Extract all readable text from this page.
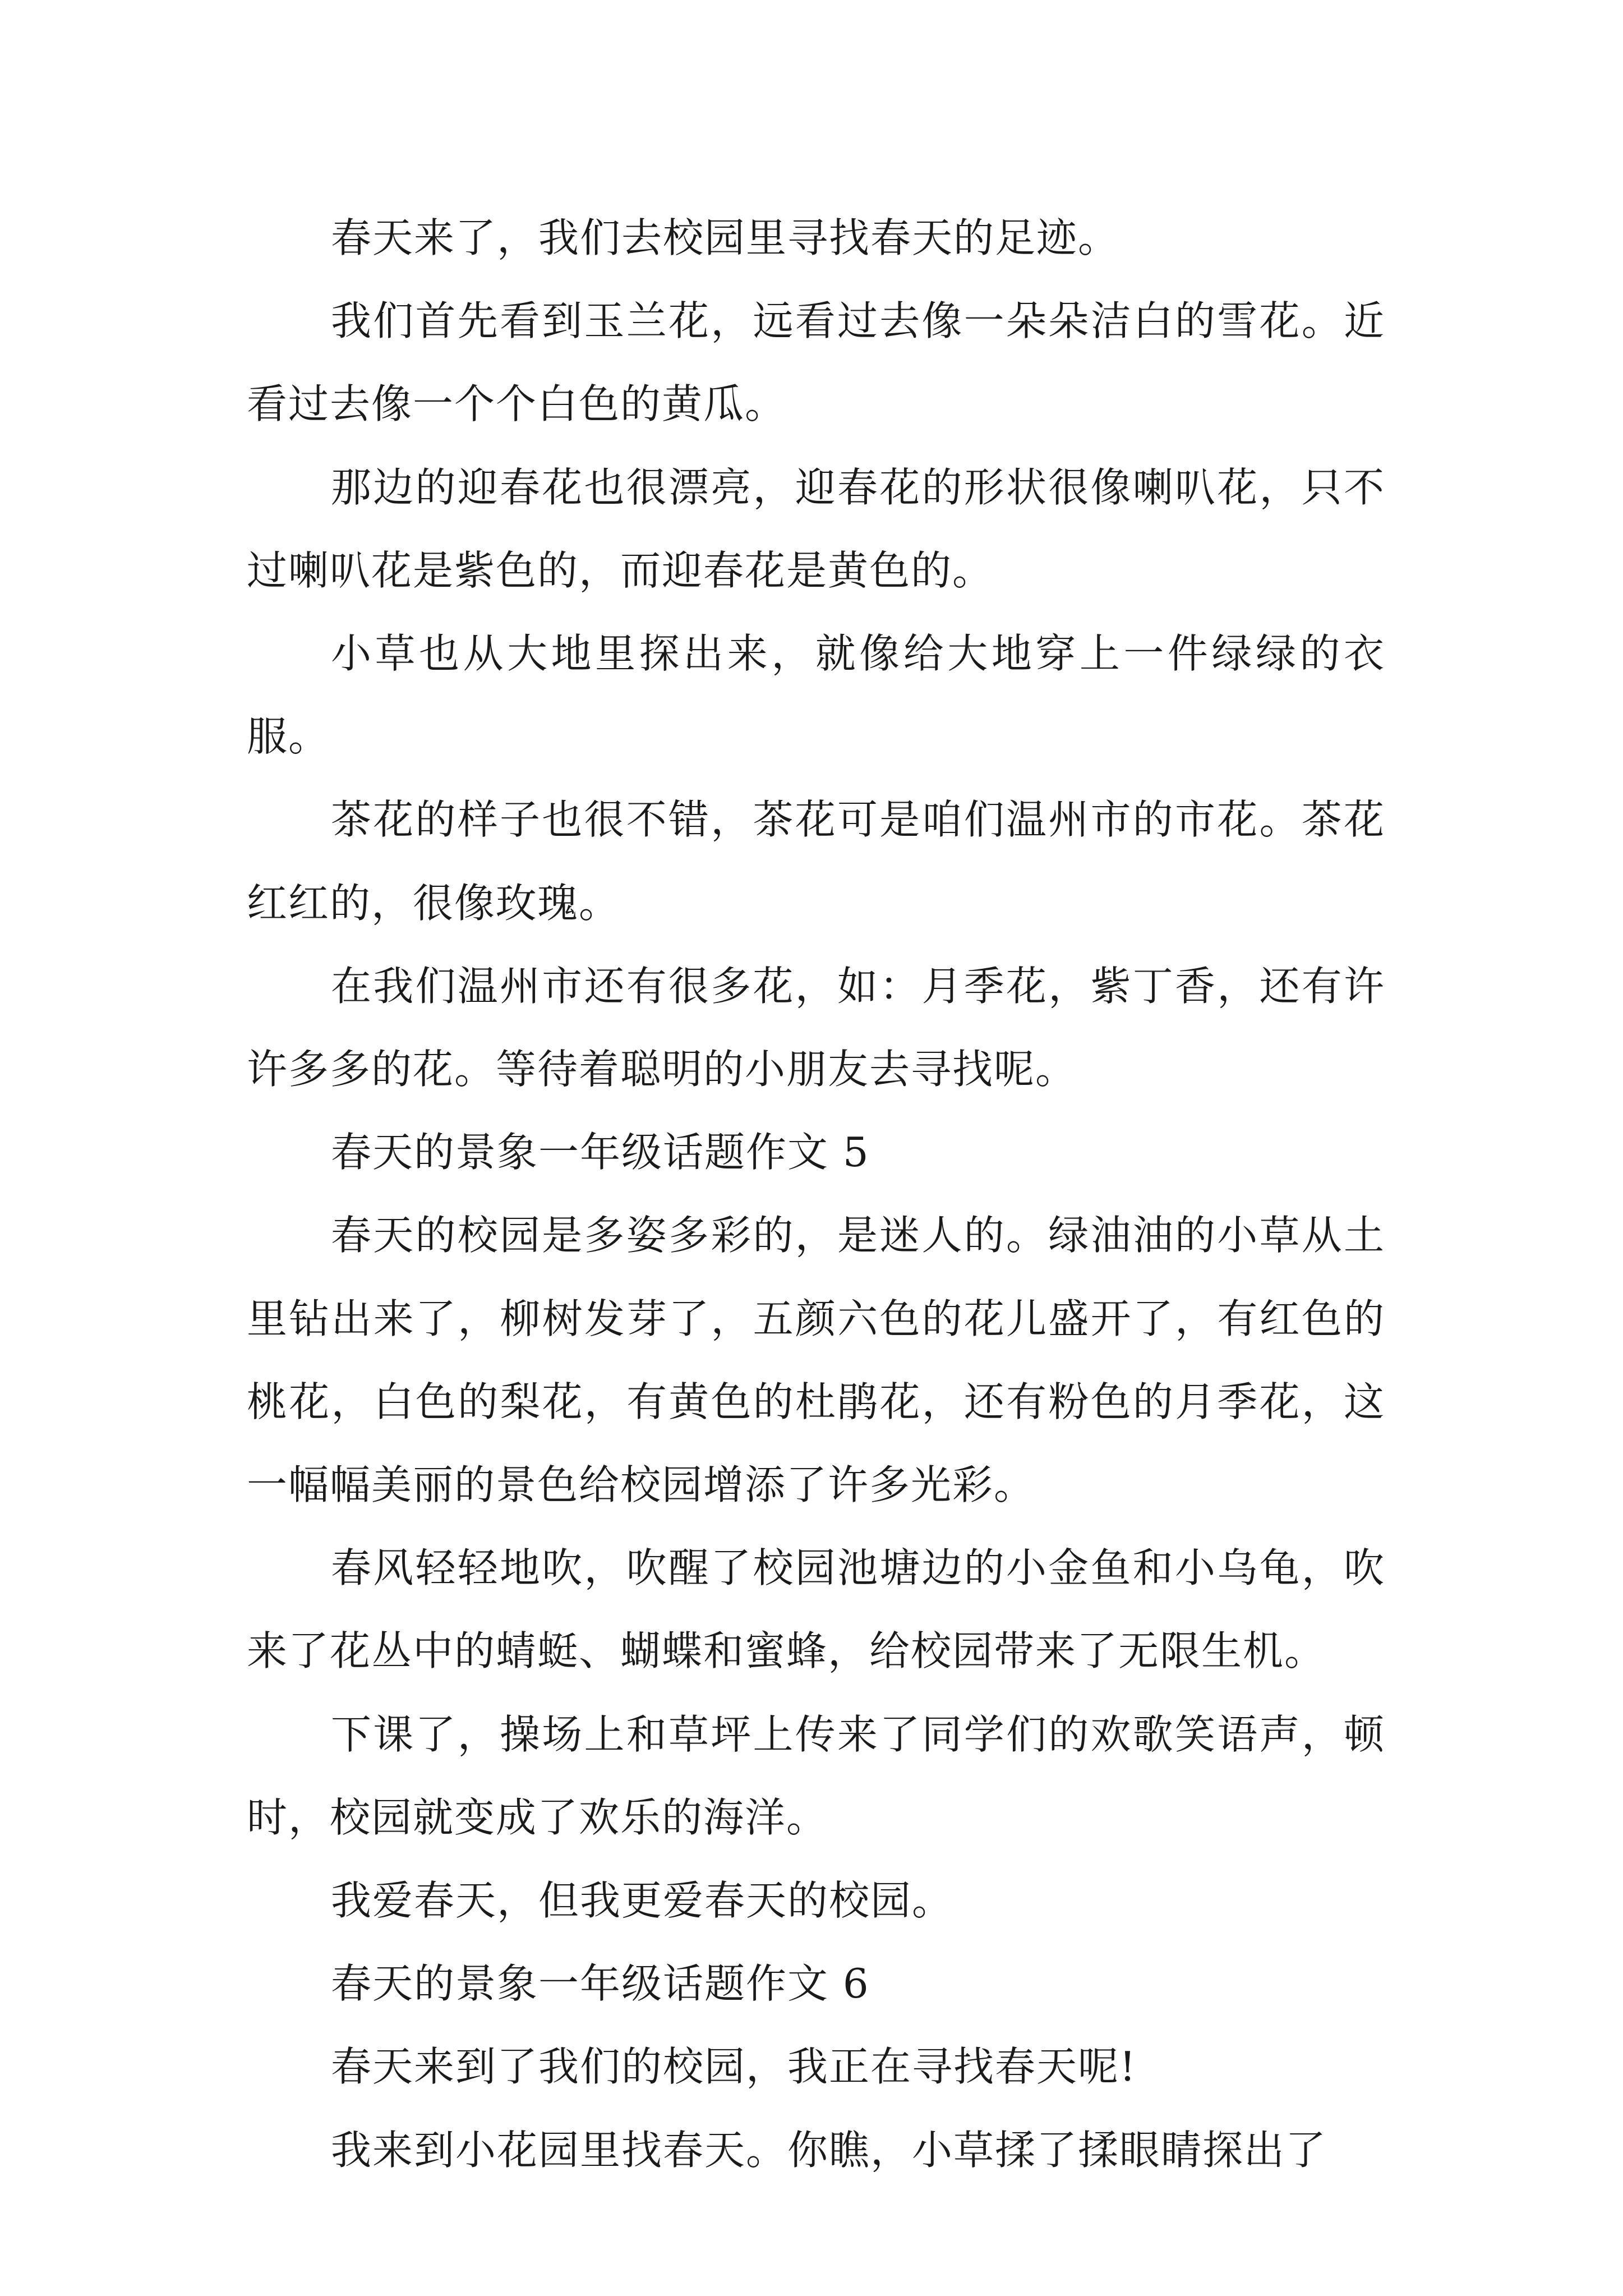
春天来了，我们去校园里寻找春天的足迹。

我们首先看到玉兰花，远看过去像一朵朵洁白的雪花。近看过去像一个个白色的黄瓜。

那边的迎春花也很漂亮，迎春花的形状很像喇叭花，只不过喇叭花是紫色的，而迎春花是黄色的。

小草也从大地里探出来，就像给大地穿上一件绿绿的衣服。

茶花的样子也很不错，茶花可是咱们温州市的市花。茶花红红的，很像玫瑰。

在我们温州市还有很多花，如：月季花，紫丁香，还有许许多多的花。等待着聪明的小朋友去寻找呢。

春天的景象一年级话题作文 5

春天的校园是多姿多彩的，是迷人的。绿油油的小草从土里钻出来了，柳树发芽了，五颜六色的花儿盛开了，有红色的桃花，白色的梨花，有黄色的杜鹃花，还有粉色的月季花，这一幅幅美丽的景色给校园增添了许多光彩。

春风轻轻地吹，吹醒了校园池塘边的小金鱼和小乌龟，吹来了花丛中的蜻蜓、蝴蝶和蜜蜂，给校园带来了无限生机。

下课了，操场上和草坪上传来了同学们的欢歌笑语声，顿时，校园就变成了欢乐的海洋。

我爱春天，但我更爱春天的校园。

春天的景象一年级话题作文 6

春天来到了我们的校园，我正在寻找春天呢!

我来到小花园里找春天。你瞧，小草揉了揉眼睛探出了
